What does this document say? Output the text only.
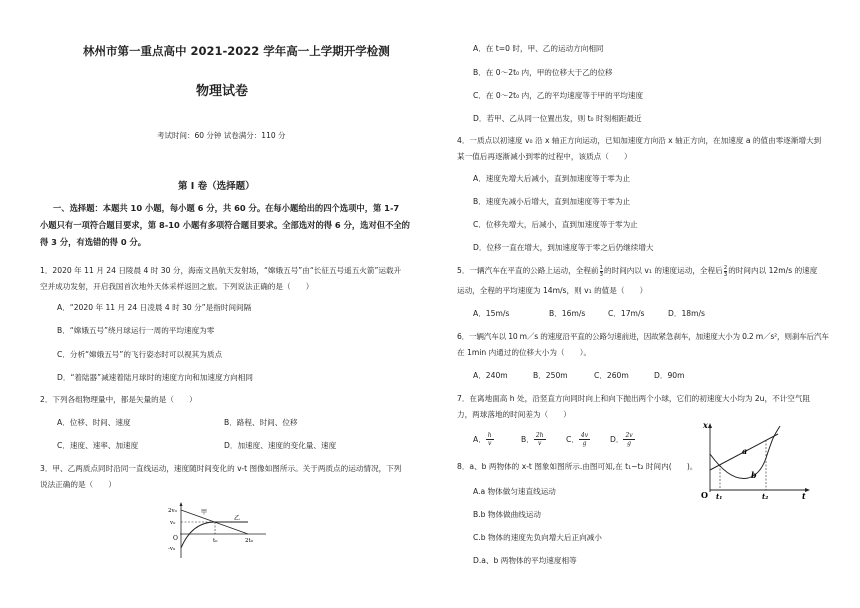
林州市第一重点高中 2021-2022 学年高一上学期开学检测
物理试卷
考试时间：60 分钟 试卷满分：110 分
第 I 卷（选择题）
一、选择题：本题共 10 小题，每小题 6 分，共 60 分。在每小题给出的四个选项中，第 1-7 小题只有一项符合题目要求，第 8-10 小题有多项符合题目要求。全部选对的得 6 分，选对但不全的得 3 分，有选错的得 0 分。
1．2020 年 11 月 24 日陵晨 4 时 30 分，海南文昌航天发射场，“嫦娥五号”由“长征五号遥五火箭”运载升空并成功发射，开启我国首次地外天体采样返回之旅。下列说法正确的是（　　）
A．“2020 年 11 月 24 日凌晨 4 时 30 分”是指时间间隔
B．“嫦娥五号”绕月球运行一周的平均速度为零
C．分析“嫦娥五号”的飞行姿态时可以视其为质点
D．“着陆器”减速着陆月球时的速度方向和加速度方向相同
2．下列各组物理量中，都是矢量的是（　　）
A．位移、时间、速度	B．路程、时间、位移
C．速度、速率、加速度	D．加速度、速度的变化量、速度
3．甲、乙两质点同时沿同一直线运动，速度随时间变化的 v-t 图像如图所示。关于两质点的运动情况，下列说法正确的是（　　）
2v₀
v₀
-v₀
O	t₀	2t₀
甲
乙
A．在 t=0 时，甲、乙的运动方向相同
B．在 0～2t₀ 内，甲的位移大于乙的位移
C．在 0～2t₀ 内，乙的平均速度等于甲的平均速度
D．若甲、乙从同一位置出发，则 t₀ 时刻相距最近
4．一质点以初速度 v₀ 沿 x 轴正方向运动，已知加速度方向沿 x 轴正方向，在加速度 a 的值由零逐渐增大到某一值后再逐渐减小到零的过程中，该质点（　　）
A．速度先增大后减小，直到加速度等于零为止
B．速度先减小后增大，直到加速度等于零为止
C．位移先增大，后减小，直到加速度等于零为止
D．位移一直在增大，到加速度等于零之后仍继续增大
5．一辆汽车在平直的公路上运动，全程前 $\frac{1}{3}$ 的时间内以 v₁ 的速度运动，全程后 $\frac{2}{3}$ 的时间内以 12m/s 的速度
运动，全程的平均速度为 14m/s，则 v₁ 的值是（　　）
A．15m/s	B．16m/s	C．17m/s	D．18m/s
6．一辆汽车以 10 m／s 的速度沿平直的公路匀速前进，因故紧急刹车，加速度大小为 0.2 m／s²，则刹车后汽车
在 1min 内通过的位移大小为（　　）。
A．240m	B．250m	C．260m	D．90m
7．在离地面高 h 处，沿竖直方向同时向上和向下抛出两个小球，它们的初速度大小均为 2u，不计空气阻力，两球落地的时间差为（　　）
A． $\frac{h}{v}$	B． $\frac{2h}{v}$	C． $\frac{4v}{g}$	D． $\frac{2v}{g}$
8．a、b 两物体的 x-t 图象如图所示.由图可知,在 t₁~t₂ 时间内(　　)。
A.a 物体做匀速直线运动
B.b 物体做曲线运动
C.b 物体的速度先负向增大后正向减小
D.a、b 两物体的平均速度相等
x
t
O t₁	t₂
a
b
